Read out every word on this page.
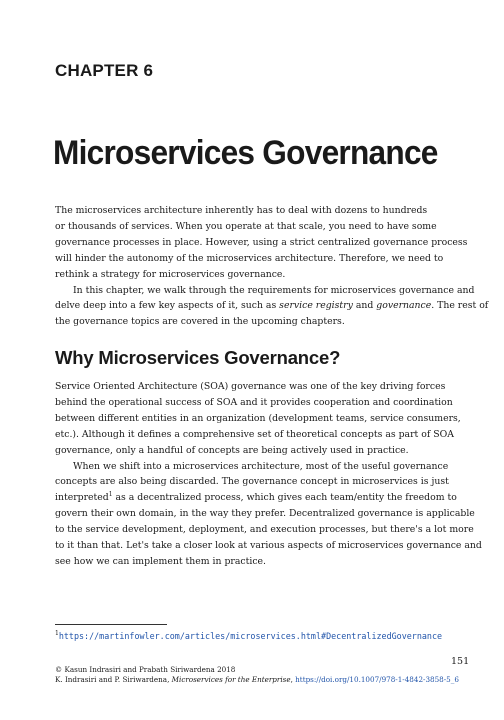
CHAPTER 6
Microservices Governance
The microservices architecture inherently has to deal with dozens to hundreds
or thousands of services. When you operate at that scale, you need to have some
governance processes in place. However, using a strict centralized governance process
will hinder the autonomy of the microservices architecture. Therefore, we need to
rethink a strategy for microservices governance.
In this chapter, we walk through the requirements for microservices governance and
delve deep into a few key aspects of it, such as service registry and governance. The rest of
the governance topics are covered in the upcoming chapters.
Why Microservices Governance?
Service Oriented Architecture (SOA) governance was one of the key driving forces
behind the operational success of SOA and it provides cooperation and coordination
between different entities in an organization (development teams, service consumers,
etc.). Although it defines a comprehensive set of theoretical concepts as part of SOA
governance, only a handful of concepts are being actively used in practice.
When we shift into a microservices architecture, most of the useful governance
concepts are also being discarded. The governance concept in microservices is just
interpreted$^1$ as a decentralized process, which gives each team/entity the freedom to
govern their own domain, in the way they prefer. Decentralized governance is applicable
to the service development, deployment, and execution processes, but there's a lot more
to it than that. Let's take a closer look at various aspects of microservices governance and
see how we can implement them in practice.
$^1$https://martinfowler.com/articles/microservices.html#DecentralizedGovernance
151
© Kasun Indrasiri and Prabath Siriwardena 2018
K. Indrasiri and P. Siriwardena, Microservices for the Enterprise, https://doi.org/10.1007/978-1-4842-3858-5_6
